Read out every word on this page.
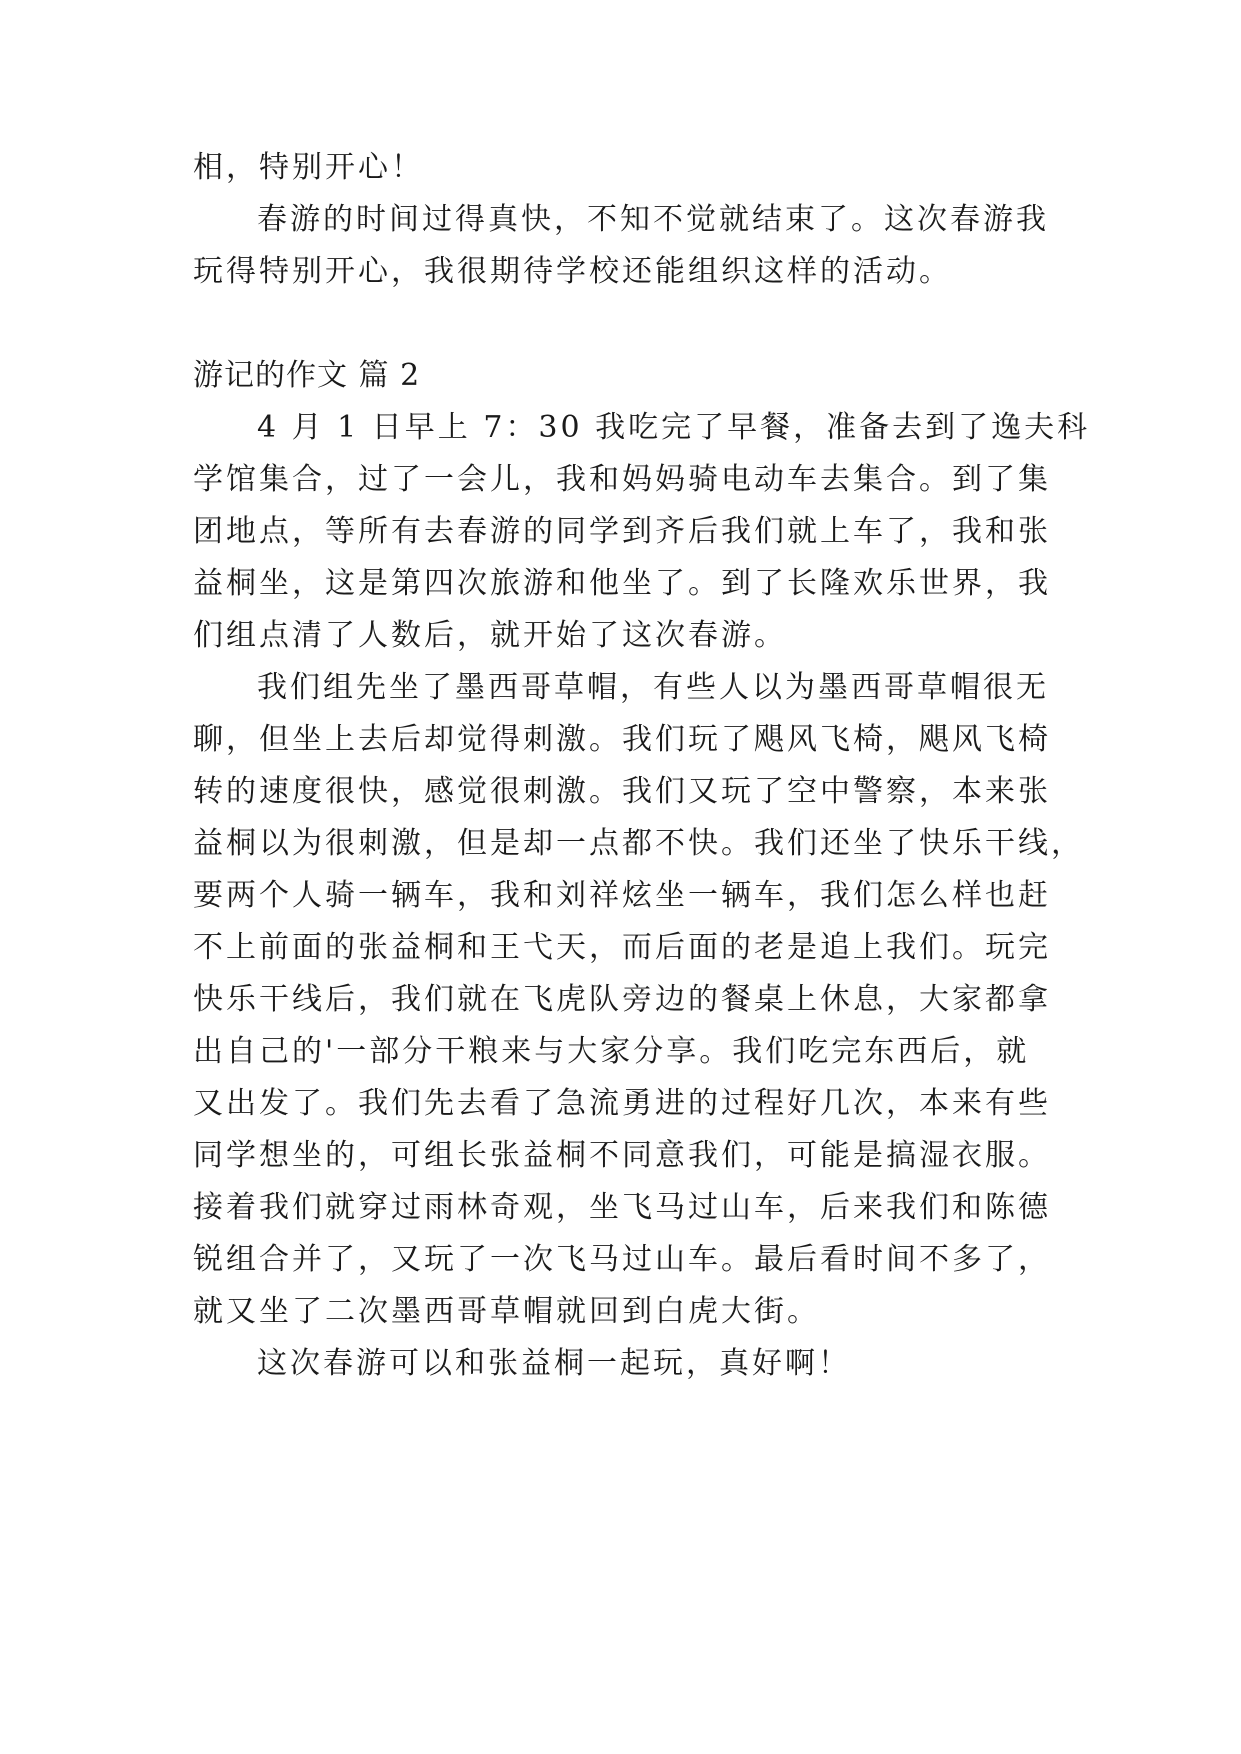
相，特别开心！
春游的时间过得真快，不知不觉就结束了。这次春游我
玩得特别开心，我很期待学校还能组织这样的活动。
游记的作文 篇 2
4 月 1 日早上 7：30 我吃完了早餐，准备去到了逸夫科
学馆集合，过了一会儿，我和妈妈骑电动车去集合。到了集
团地点，等所有去春游的同学到齐后我们就上车了，我和张
益桐坐，这是第四次旅游和他坐了。到了长隆欢乐世界，我
们组点清了人数后，就开始了这次春游。
我们组先坐了墨西哥草帽，有些人以为墨西哥草帽很无
聊，但坐上去后却觉得刺激。我们玩了飓风飞椅，飓风飞椅
转的速度很快，感觉很刺激。我们又玩了空中警察，本来张
益桐以为很刺激，但是却一点都不快。我们还坐了快乐干线，
要两个人骑一辆车，我和刘祥炫坐一辆车，我们怎么样也赶
不上前面的张益桐和王弋天，而后面的老是追上我们。玩完
快乐干线后，我们就在飞虎队旁边的餐桌上休息，大家都拿
出自己的'一部分干粮来与大家分享。我们吃完东西后，就
又出发了。我们先去看了急流勇进的过程好几次，本来有些
同学想坐的，可组长张益桐不同意我们，可能是搞湿衣服。
接着我们就穿过雨林奇观，坐飞马过山车，后来我们和陈德
锐组合并了，又玩了一次飞马过山车。最后看时间不多了，
就又坐了二次墨西哥草帽就回到白虎大街。
这次春游可以和张益桐一起玩，真好啊！
